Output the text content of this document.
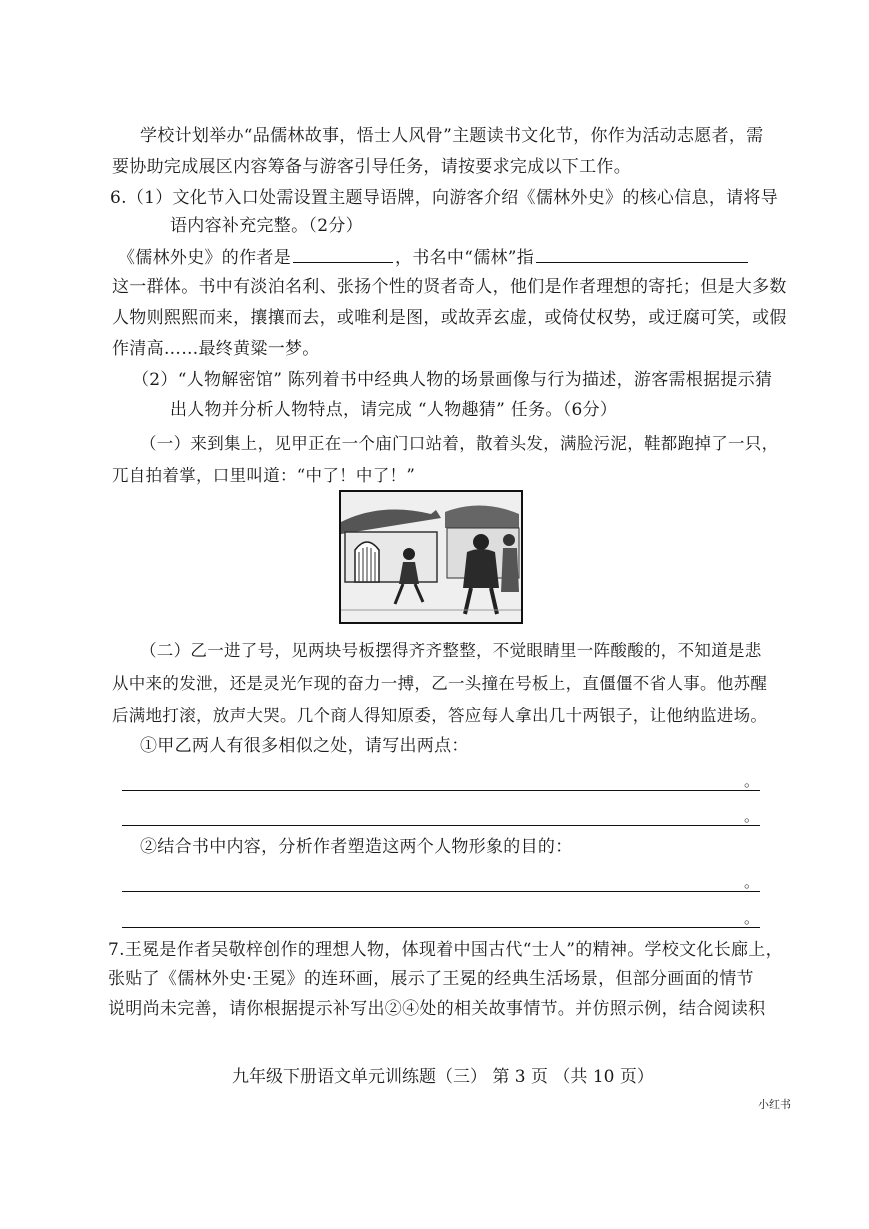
学校计划举办“品儒林故事，悟士人风骨”主题读书文化节，你作为活动志愿者，需
要协助完成展区内容筹备与游客引导任务，请按要求完成以下工作。
6.（1）文化节入口处需设置主题导语牌，向游客介绍《儒林外史》的核心信息，请将导
语内容补充完整。（2分）
《儒林外史》的作者是	，书名中“儒林”指
这一群体。书中有淡泊名利、张扬个性的贤者奇人，他们是作者理想的寄托；但是大多数
人物则熙熙而来，攘攘而去，或唯利是图，或故弄玄虚，或倚仗权势，或迂腐可笑，或假
作清高……最终黄粱一梦。
（2）“人物解密馆” 陈列着书中经典人物的场景画像与行为描述，游客需根据提示猜
出人物并分析人物特点，请完成 “人物趣猜” 任务。（6分）
（一）来到集上，见甲正在一个庙门口站着，散着头发，满脸污泥，鞋都跑掉了一只，
兀自拍着掌，口里叫道：“中了！中了！”
（二）乙一进了号，见两块号板摆得齐齐整整，不觉眼睛里一阵酸酸的，不知道是悲
从中来的发泄，还是灵光乍现的奋力一搏，乙一头撞在号板上，直僵僵不省人事。他苏醒
后满地打滚，放声大哭。几个商人得知原委，答应每人拿出几十两银子，让他纳监进场。
①甲乙两人有很多相似之处，请写出两点：
。
。
②结合书中内容，分析作者塑造这两个人物形象的目的：
。
。
7.王冕是作者吴敬梓创作的理想人物，体现着中国古代“士人”的精神。学校文化长廊上，
张贴了《儒林外史·王冕》的连环画，展示了王冕的经典生活场景，但部分画面的情节
说明尚未完善，请你根据提示补写出②④处的相关故事情节。并仿照示例，结合阅读积
九年级下册语文单元训练题（三） 第 3 页 （共 10 页）
小红书
